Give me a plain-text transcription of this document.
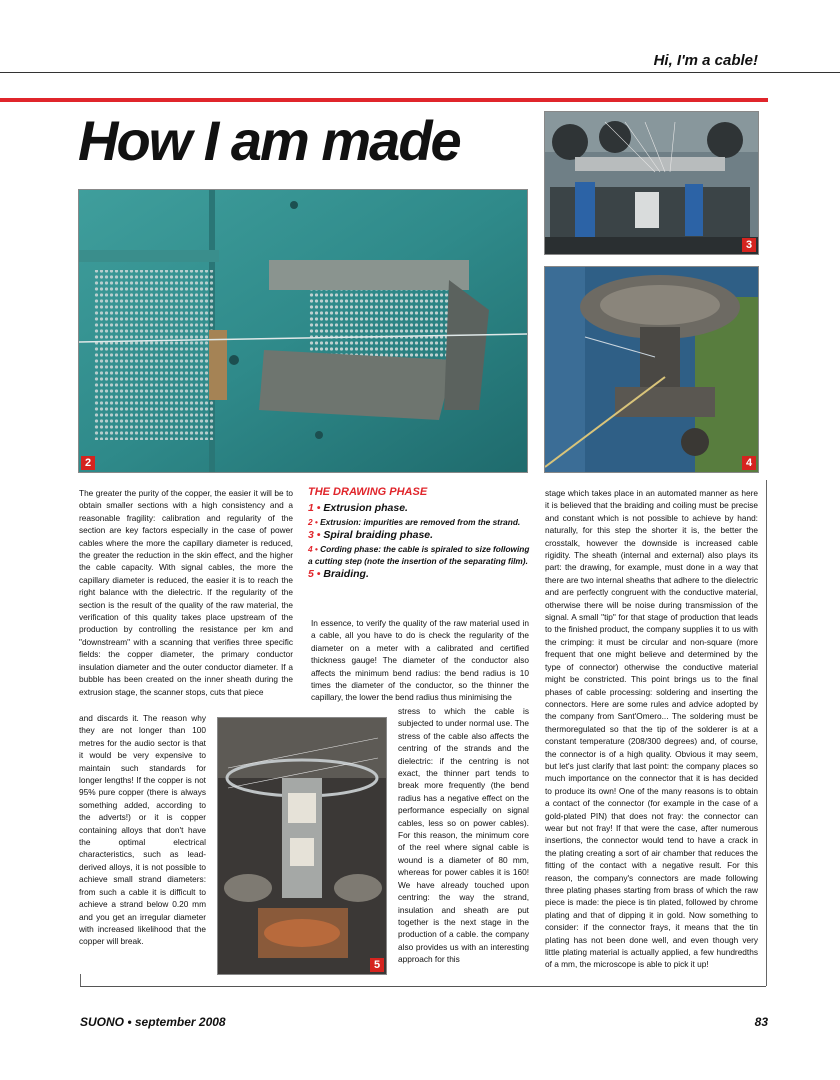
Hi, I'm a cable!
How I am made
2
3
4
5
The greater the purity of the copper, the easier it will be to obtain smaller sections with a high consistency and a reasonable fragility: calibration and regularity of the section are key factors especially in the case of power cables where the more the capillary diameter is reduced, the greater the reduction in the skin effect, and the higher the cable capacity. With signal cables, the more the capillary diameter is reduced, the easier it is to reach the right balance with the dielectric. If the regularity of the section is the result of the quality of the raw material, the verification of this quality takes place upstream of the production by controlling the resistance per km and "downstream" with a scanning that verifies three specific fields: the copper diameter, the primary conductor insulation diameter and the outer conductor diameter. If a bubble has been created on the inner sheath during the extrusion stage, the scanner stops, cuts that piece
and discards it. The reason why they are not longer than 100 metres for the audio sector is that it would be very expensive to maintain such standards for longer lengths! If the copper is not 95% pure copper (there is always something added, according to the adverts!) or it is copper containing alloys that don't have the optimal electrical characteristics, such as lead-derived alloys, it is not possible to achieve small strand diameters: from such a cable it is difficult to achieve a strand below 0.20 mm and you get an irregular diameter with increased likelihood that the copper will break.
THE DRAWING PHASE
1 • Extrusion phase.
2 • Extrusion: impurities are removed from the strand.
3 • Spiral braiding phase.
4 • Cording phase: the cable is spiraled to size following a cutting step (note the insertion of the separating film).
5 • Braiding.
In essence, to verify the quality of the raw material used in a cable, all you have to do is check the regularity of the diameter on a meter with a calibrated and certified thickness gauge! The diameter of the conductor also affects the minimum bend radius: the bend radius is 10 times the diameter of the conductor, so the thinner the capillary, the lower the bend radius thus minimising the
stress to which the cable is subjected to under normal use. The stress of the cable also affects the centring of the strands and the dielectric: if the centring is not exact, the thinner part tends to break more frequently (the bend radius has a negative effect on the performance especially on signal cables, less so on power cables). For this reason, the minimum core of the reel where signal cable is wound is a diameter of 80 mm, whereas for power cables it is 160! We have already touched upon centring: the way the strand, insulation and sheath are put together is the next stage in the production of a cable. the company also provides us with an interesting approach for this
stage which takes place in an automated manner as here it is believed that the braiding and coiling must be precise and constant which is not possible to achieve by hand: naturally, for this step the shorter it is, the better the crosstalk, however the downside is increased cable rigidity. The sheath (internal and external) also plays its part: the drawing, for example, must done in a way that there are two internal sheaths that adhere to the dielectric and are perfectly congruent with the conductive material, otherwise there will be noise during transmission of the signal. A small "tip" for that stage of production that leads to the finished product, the company supplies it to us with the crimping: it must be circular and non-square (more frequent that one might believe and determined by the type of connector) otherwise the conductive material might be constricted. This point brings us to the final phases of cable processing: soldering and inserting the connectors. Here are some rules and advice adopted by the company from Sant'Omero... The soldering must be thermoregulated so that the tip of the solderer is at a constant temperature (208/300 degrees) and, of course, the connector is of a high quality. Obvious it may seem, but let's just clarify that last point: the company places so much importance on the connector that it is has decided to produce its own! One of the many reasons is to obtain a contact of the connector (for example in the case of a gold-plated PIN) that does not fray: the connector can wear but not fray! If that were the case, after numerous insertions, the connector would tend to have a crack in the plating creating a sort of air chamber that reduces the fitting of the contact with a negative result. For this reason, the company's connectors are made following three plating phases starting from brass of which the raw piece is made: the piece is tin plated, followed by chrome plating and that of dipping it in gold. Now something to consider: if the connector frays, it means that the tin plating has not been done well, and even though very little plating material is actually applied, a few hundredths of a mm, the microscope is able to pick it up!
SUONO • september 2008	83
